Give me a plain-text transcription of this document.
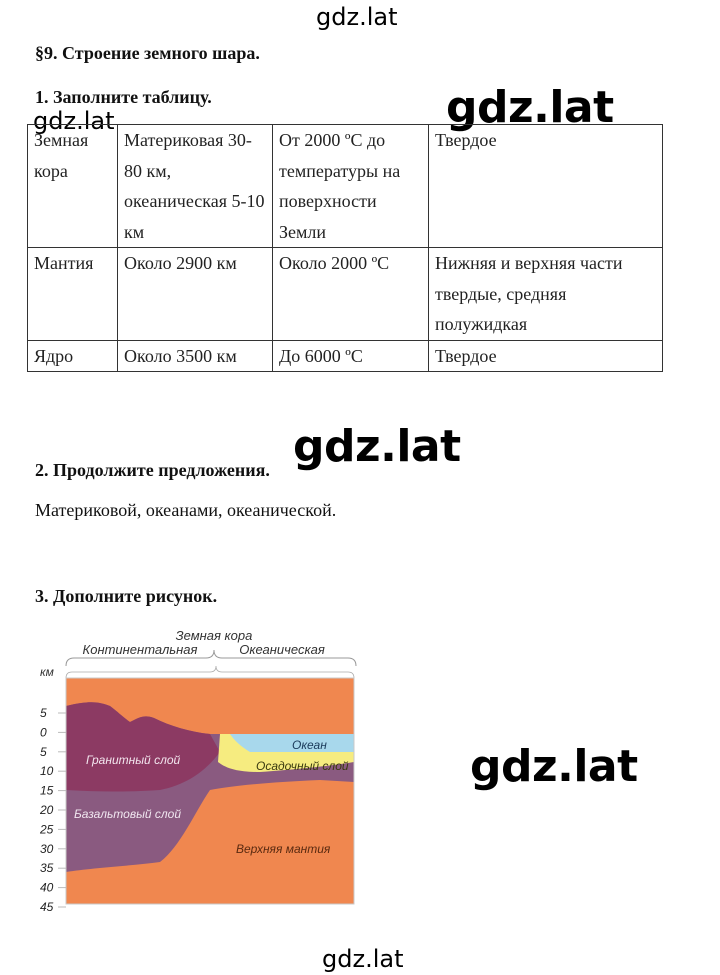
gdz.lat
gdz.lat	gdz.lat
gdz.lat
gdz.lat
gdz.lat
§9. Строение земного шара.
1. Заполните таблицу.
Земная кора	Материковая 30-80 км, океаническая 5-10 км	От 2000 ºС до температуры на поверхности Земли	Твердое
Мантия	Около 2900 км	Около 2000 ºС	Нижняя и верхняя части твердые, средняя полужидкая
Ядро	Около 3500 км	До 6000 ºС	Твердое
2. Продолжите предложения.
Материковой, океанами, океанической.
3. Дополните рисунок.
Земная кора
Континентальная	Океаническая
км
Океан
Осадочный слой
Гранитный слой
Базальтовый слой
Верхняя мантия
5
0
5
10
15
20
25
30
35
40
45
